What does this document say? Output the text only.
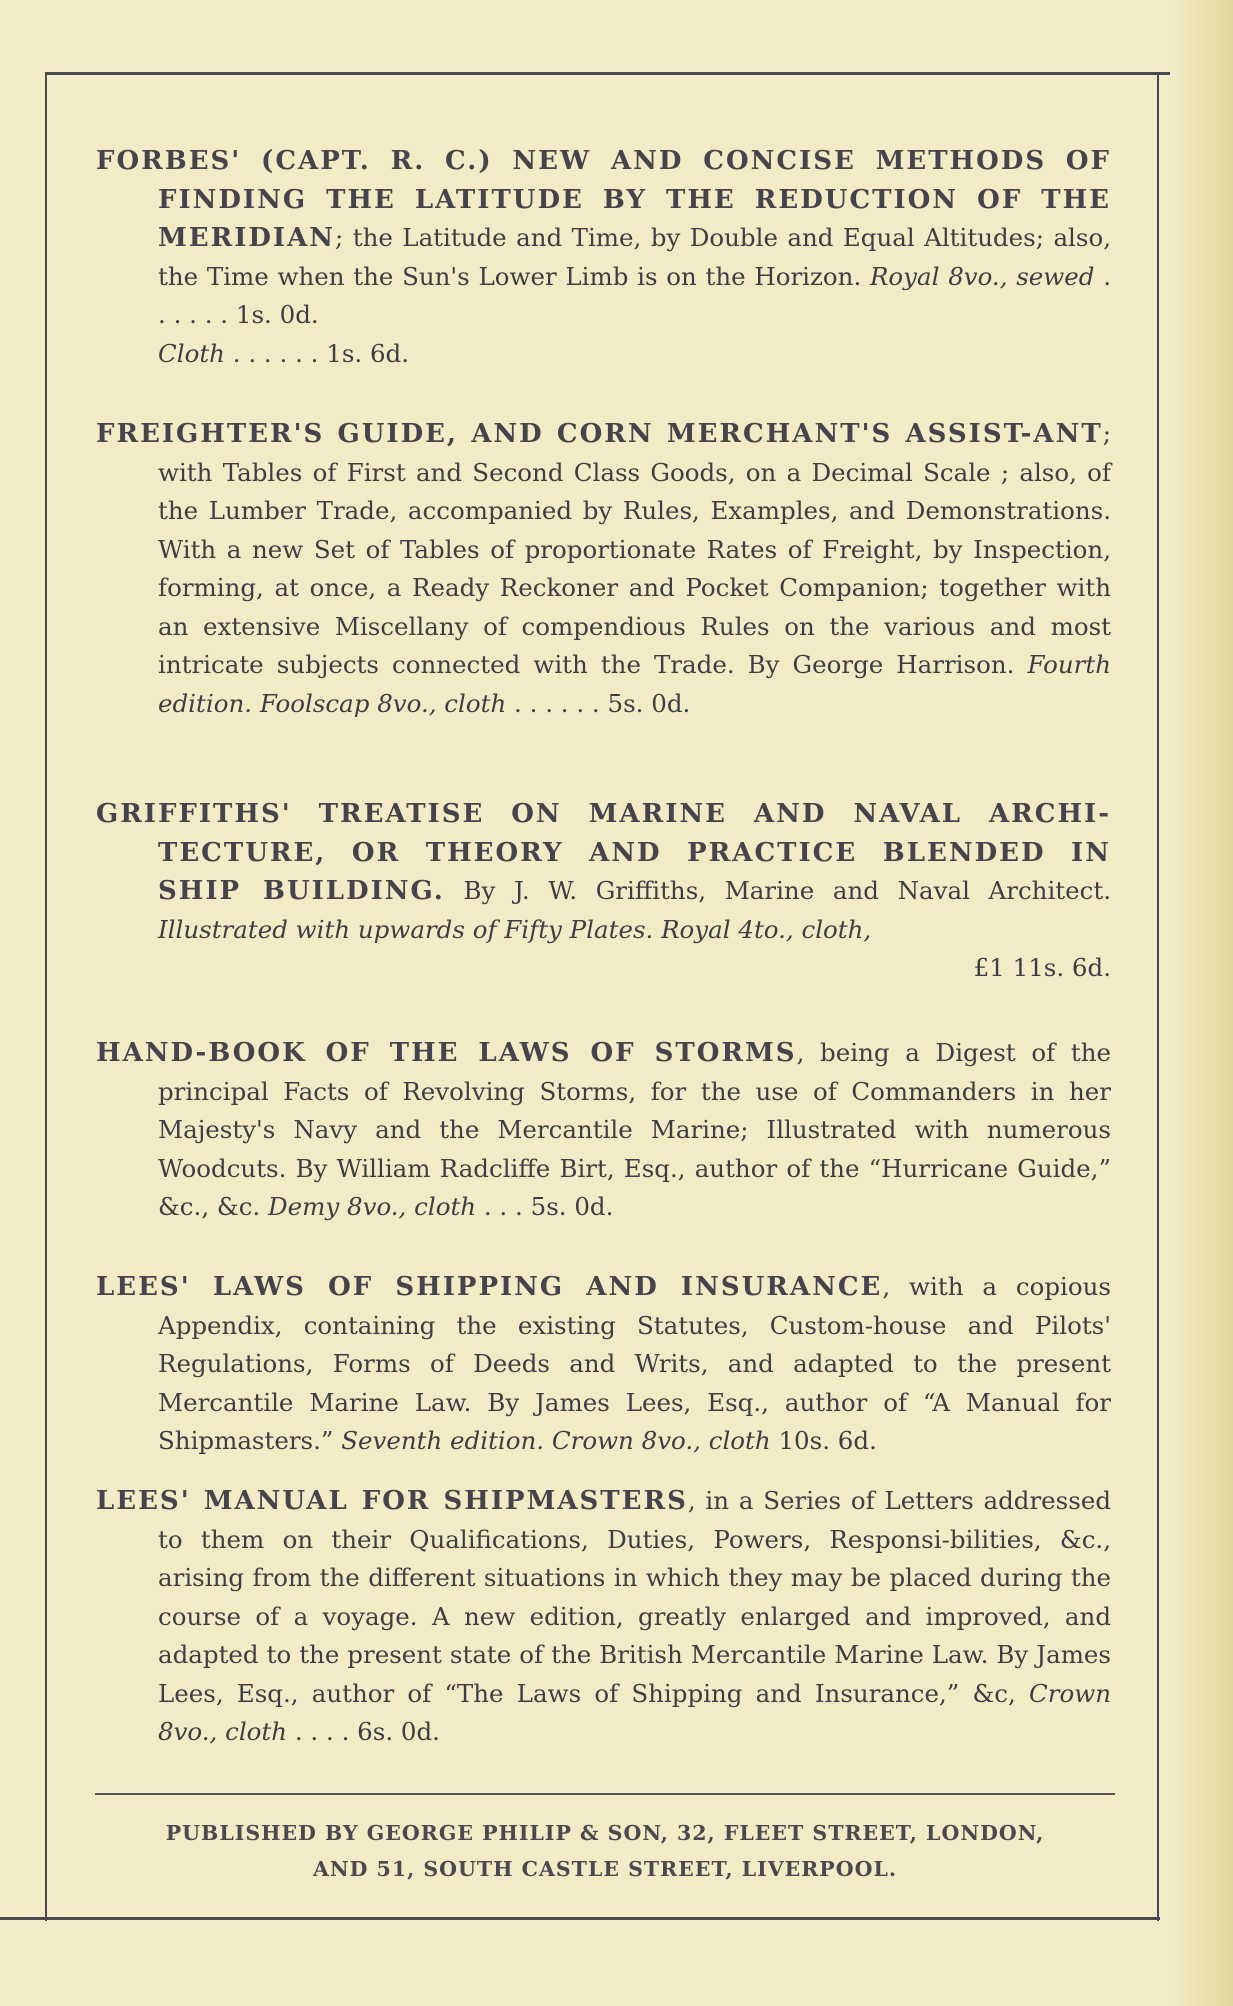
FORBES' (CAPT. R. C.) NEW AND CONCISE METHODS OF FINDING THE LATITUDE BY THE REDUCTION OF THE MERIDIAN; the Latitude and Time, by Double and Equal Altitudes; also, the Time when the Sun's Lower Limb is on the Horizon. Royal 8vo., sewed . . . . . . 1s. 0d.
Cloth . . . . . . 1s. 6d.
FREIGHTER'S GUIDE, AND CORN MERCHANT'S ASSIST-ANT; with Tables of First and Second Class Goods, on a Decimal Scale ; also, of the Lumber Trade, accompanied by Rules, Examples, and Demonstrations. With a new Set of Tables of proportionate Rates of Freight, by Inspection, forming, at once, a Ready Reckoner and Pocket Companion; together with an extensive Miscellany of compendious Rules on the various and most intricate subjects connected with the Trade. By George Harrison. Fourth edition. Foolscap 8vo., cloth . . . . . . 5s. 0d.
GRIFFITHS' TREATISE ON MARINE AND NAVAL ARCHI-TECTURE, OR THEORY AND PRACTICE BLENDED IN SHIP BUILDING. By J. W. Griffiths, Marine and Naval Architect. Illustrated with upwards of Fifty Plates. Royal 4to., cloth,
£1 11s. 6d.
HAND-BOOK OF THE LAWS OF STORMS, being a Digest of the principal Facts of Revolving Storms, for the use of Commanders in her Majesty's Navy and the Mercantile Marine; Illustrated with numerous Woodcuts. By William Radcliffe Birt, Esq., author of the “Hurricane Guide,” &c., &c. Demy 8vo., cloth . . . 5s. 0d.
LEES' LAWS OF SHIPPING AND INSURANCE, with a copious Appendix, containing the existing Statutes, Custom-house and Pilots' Regulations, Forms of Deeds and Writs, and adapted to the present Mercantile Marine Law. By James Lees, Esq., author of “A Manual for Shipmasters.” Seventh edition. Crown 8vo., cloth 10s. 6d.
LEES' MANUAL FOR SHIPMASTERS, in a Series of Letters addressed to them on their Qualifications, Duties, Powers, Responsi-bilities, &c., arising from the different situations in which they may be placed during the course of a voyage. A new edition, greatly enlarged and improved, and adapted to the present state of the British Mercantile Marine Law. By James Lees, Esq., author of “The Laws of Shipping and Insurance,” &c, Crown 8vo., cloth . . . . 6s. 0d.
PUBLISHED BY GEORGE PHILIP & SON, 32, FLEET STREET, LONDON,
AND 51, SOUTH CASTLE STREET, LIVERPOOL.
